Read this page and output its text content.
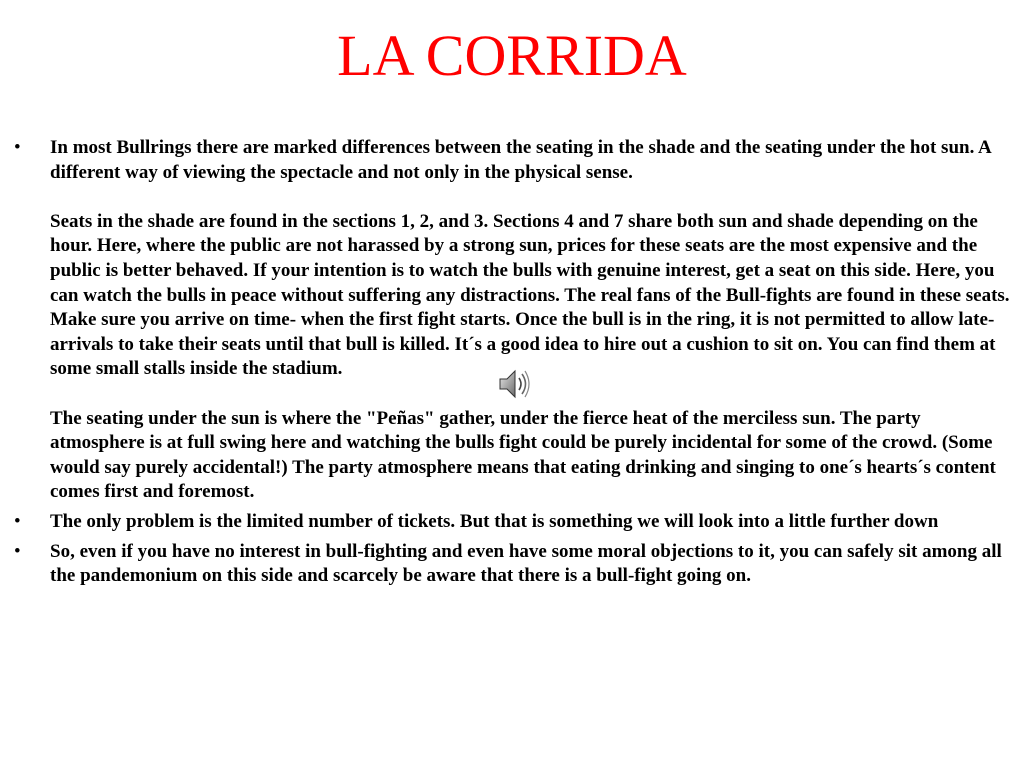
LA CORRIDA
•	In most Bullrings there are marked differences between the seating in the shade and the seating under the hot sun. A different way of viewing the spectacle and not only in the physical sense.
Seats in the shade are found in the sections 1, 2, and 3. Sections 4 and 7 share both sun and shade depending on the hour. Here, where the public are not harassed by a strong sun, prices for these seats are the most expensive and the public is better behaved. If your intention is to watch the bulls with genuine interest, get a seat on this side. Here, you can watch the bulls in peace without suffering any distractions. The real fans of the Bull-fights are found in these seats. Make sure you arrive on time- when the first fight starts. Once the bull is in the ring, it is not permitted to allow late-arrivals to take their seats until that bull is killed. It´s a good idea to hire out a cushion to sit on. You can find them at some small stalls inside the stadium.
The seating under the sun is where the "Peñas" gather, under the fierce heat of the merciless sun. The party atmosphere is at full swing here and watching the bulls fight could be purely incidental for some of the crowd. (Some would say purely accidental!) The party atmosphere means that eating drinking and singing to one´s hearts´s content comes first and foremost.
•	The only problem is the limited number of tickets. But that is something we will look into a little further down
•	So, even if you have no interest in bull-fighting and even have some moral objections to it, you can safely sit among all the pandemonium on this side and scarcely be aware that there is a bull-fight going on.
